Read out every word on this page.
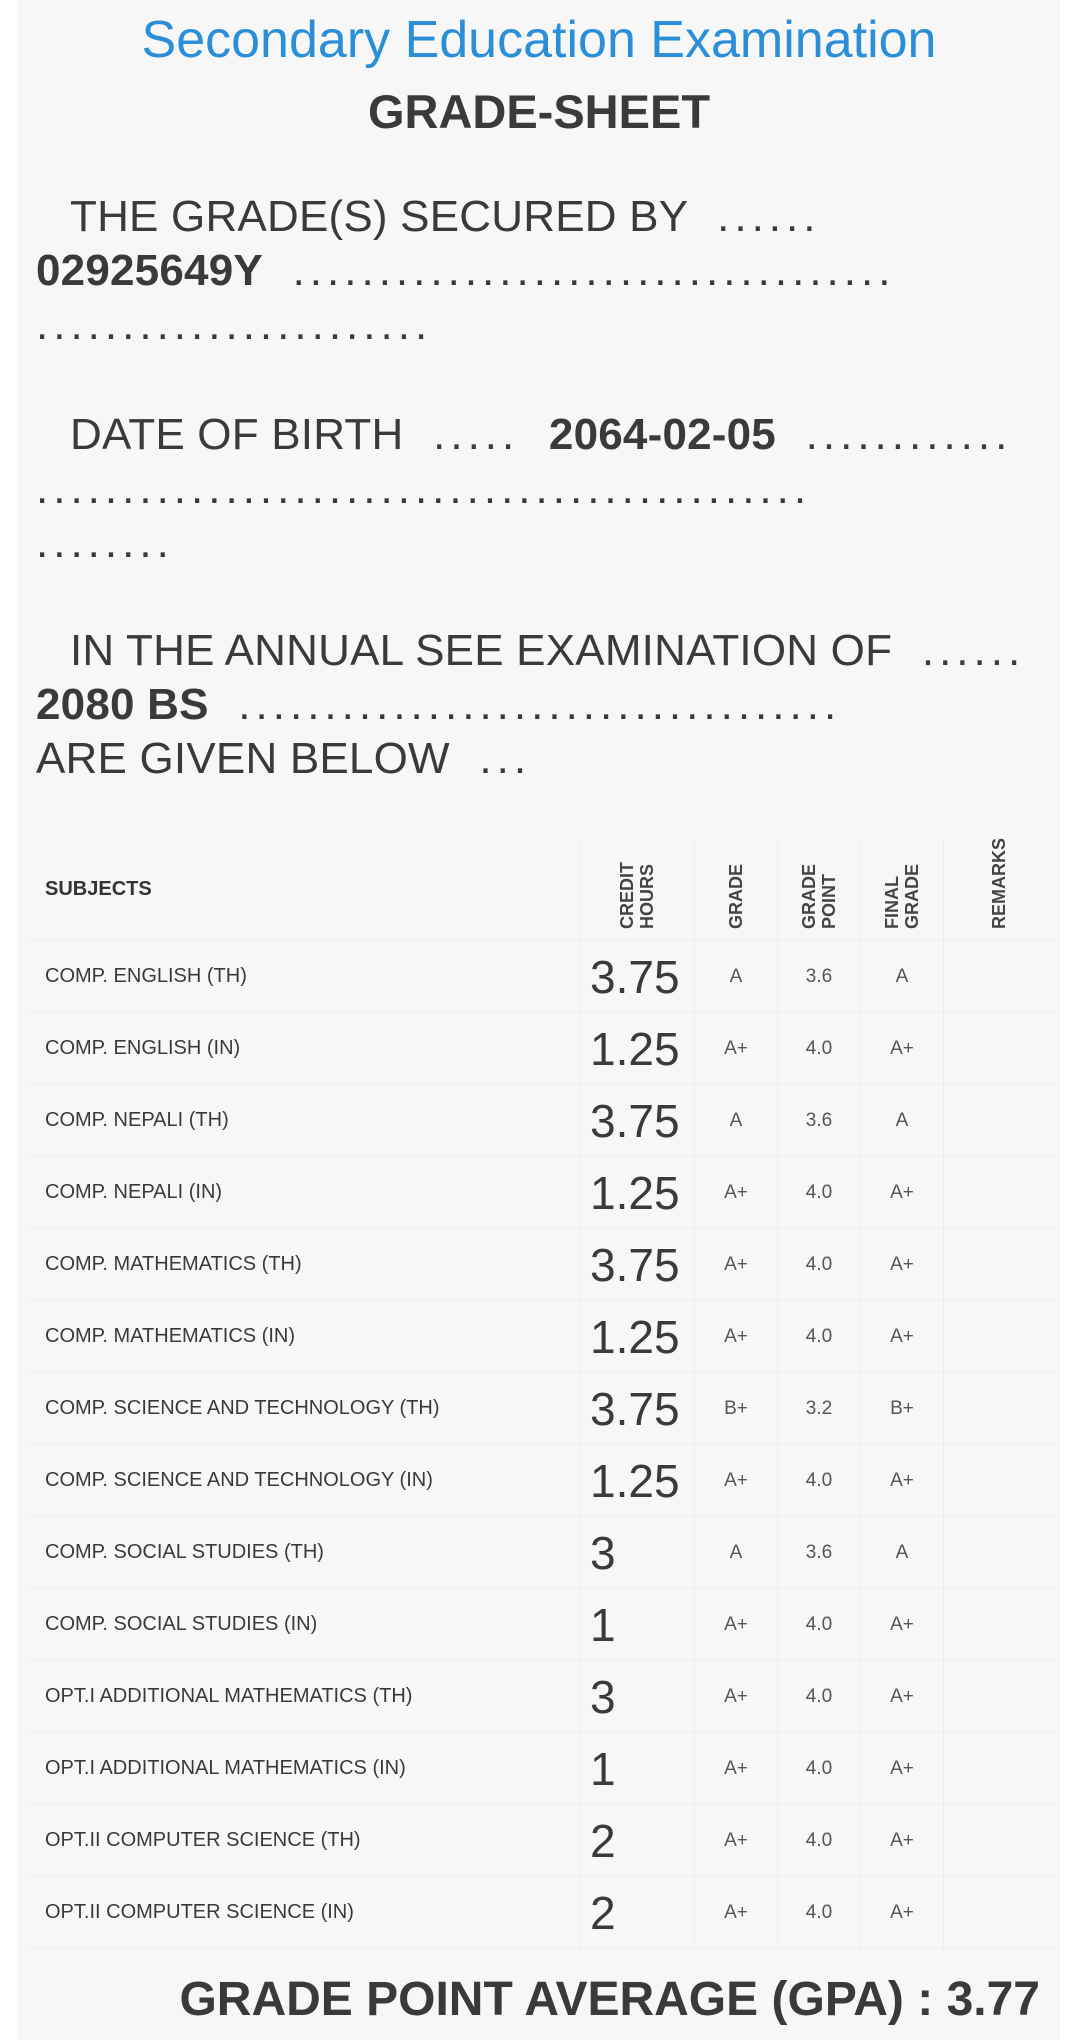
Secondary Education Examination
GRADE-SHEET
THE GRADE(S) SECURED BY  ......
02925649Y  ...................................
.......................
DATE OF BIRTH  .....  2064-02-05  ............
.............................................
........
IN THE ANNUAL SEE EXAMINATION OF  ......
2080 BS  ...................................
ARE GIVEN BELOW  ...
SUBJECTS	CREDIT HOURS	GRADE	GRADE POINT	FINAL GRADE	REMARKS
COMP. ENGLISH (TH)	3.75	A	3.6	A	
COMP. ENGLISH (IN)	1.25	A+	4.0	A+	
COMP. NEPALI (TH)	3.75	A	3.6	A	
COMP. NEPALI (IN)	1.25	A+	4.0	A+	
COMP. MATHEMATICS (TH)	3.75	A+	4.0	A+	
COMP. MATHEMATICS (IN)	1.25	A+	4.0	A+	
COMP. SCIENCE AND TECHNOLOGY (TH)	3.75	B+	3.2	B+	
COMP. SCIENCE AND TECHNOLOGY (IN)	1.25	A+	4.0	A+	
COMP. SOCIAL STUDIES (TH)	3	A	3.6	A	
COMP. SOCIAL STUDIES (IN)	1	A+	4.0	A+	
OPT.I ADDITIONAL MATHEMATICS (TH)	3	A+	4.0	A+	
OPT.I ADDITIONAL MATHEMATICS (IN)	1	A+	4.0	A+	
OPT.II COMPUTER SCIENCE (TH)	2	A+	4.0	A+	
OPT.II COMPUTER SCIENCE (IN)	2	A+	4.0	A+	
GRADE POINT AVERAGE (GPA) : 3.77
